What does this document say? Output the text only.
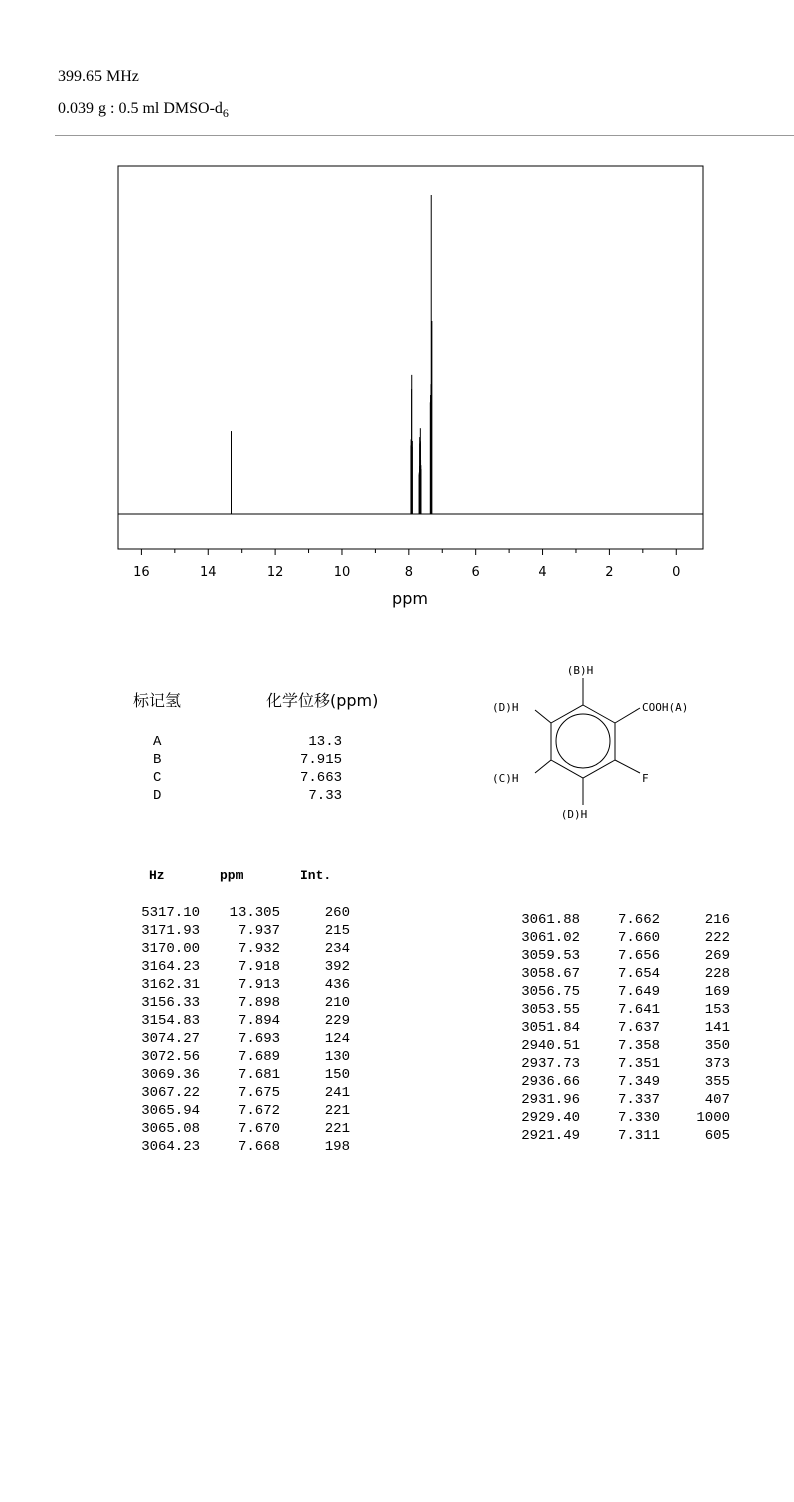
399.65 MHz
0.039 g : 0.5 ml DMSO-$d_6$
16	14	12	10	8	6	4	2	0
ppm
标记氢	化学位移(ppm)
A	13.3
B	7.915
C	7.663
D	7.33
(B)H
(D)H	COOH(A)
(C)H	F
(D)H
Hz	ppm	Int.
5317.10	13.305	260
3171.93	7.937	215
3170.00	7.932	234
3164.23	7.918	392
3162.31	7.913	436
3156.33	7.898	210
3154.83	7.894	229
3074.27	7.693	124
3072.56	7.689	130
3069.36	7.681	150
3067.22	7.675	241
3065.94	7.672	221
3065.08	7.670	221
3064.23	7.668	198
3061.88	7.662	216
3061.02	7.660	222
3059.53	7.656	269
3058.67	7.654	228
3056.75	7.649	169
3053.55	7.641	153
3051.84	7.637	141
2940.51	7.358	350
2937.73	7.351	373
2936.66	7.349	355
2931.96	7.337	407
2929.40	7.330	1000
2921.49	7.311	605
